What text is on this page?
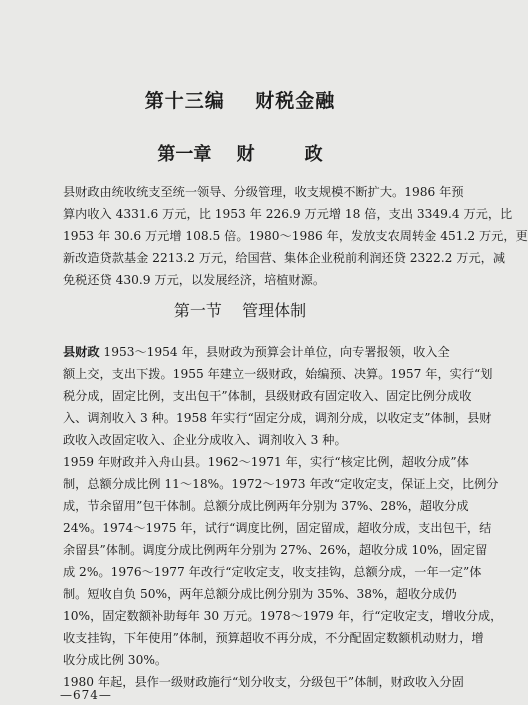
第十三编    财税金融
第一章    财        政
县财政由统收统支至统一领导、分级管理，收支规模不断扩大。1986 年预
算内收入 4331.6 万元，比 1953 年 226.9 万元增 18 倍，支出 3349.4 万元，比
1953 年 30.6 万元增 108.5 倍。1980～1986 年，发放支农周转金 451.2 万元，更
新改造贷款基金 2213.2 万元，给国营、集体企业税前利润还贷 2322.2 万元，减
免税还贷 430.9 万元，以发展经济，培植财源。
第一节    管理体制
县财政 1953～1954 年，县财政为预算会计单位，向专署报领，收入全
额上交，支出下拨。1955 年建立一级财政，始编预、决算。1957 年，实行“划
税分成，固定比例，支出包干”体制，县级财政有固定收入、固定比例分成收
入、调剂收入 3 种。1958 年实行“固定分成，调剂分成，以收定支”体制，县财
政收入改固定收入、企业分成收入、调剂收入 3 种。
1959 年财政并入舟山县。1962～1971 年，实行“核定比例，超收分成”体
制，总额分成比例 11～18%。1972～1973 年改“定收定支，保证上交，比例分
成，节余留用”包干体制。总额分成比例两年分别为 37%、28%，超收分成
24%。1974～1975 年，试行“调度比例，固定留成，超收分成，支出包干，结
余留县”体制。调度分成比例两年分别为 27%、26%，超收分成 10%，固定留
成 2%。1976～1977 年改行“定收定支，收支挂钩，总额分成，一年一定”体
制。短收自负 50%，两年总额分成比例分别为 35%、38%，超收分成仍
10%，固定数额补助每年 30 万元。1978～1979 年，行“定收定支，增收分成，
收支挂钩，下年使用”体制，预算超收不再分成，不分配固定数额机动财力，增
收分成比例 30%。
1980 年起，县作一级财政施行“划分收支，分级包干”体制，财政收入分固
—674—
